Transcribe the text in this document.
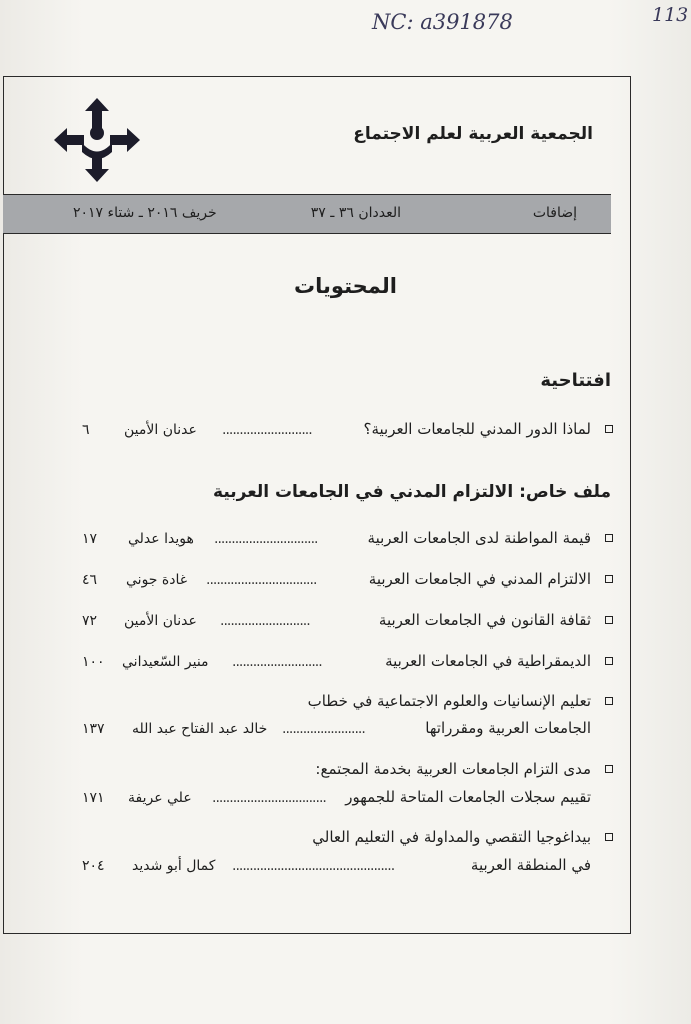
NC: a391878	113
الجمعية العربية لعلم الاجتماع
إضافات
العددان ٣٦ ـ ٣٧
خريف ٢٠١٦ ـ شتاء ٢٠١٧
المحتويات
افتتاحية
لماذا الدور المدني للجامعات العربية؟
..........................
عدنان الأمين
٦
ملف خاص: الالتزام المدني في الجامعات العربية
قيمة المواطنة لدى الجامعات العربية
..............................
هويدا عدلي
١٧
الالتزام المدني في الجامعات العربية
................................
غادة جوني
٤٦
ثقافة القانون في الجامعات العربية
..........................
عدنان الأمين
٧٢
الديمقراطية في الجامعات العربية
..........................
منير السّعيداني
١٠٠
تعليم الإنسانيات والعلوم الاجتماعية في خطاب
الجامعات العربية ومقرراتها
........................
خالد عبد الفتاح عبد الله
١٣٧
مدى التزام الجامعات العربية بخدمة المجتمع:
تقييم سجلات الجامعات المتاحة للجمهور
.................................
علي عريفة
١٧١
بيداغوجيا التقصي والمداولة في التعليم العالي
في المنطقة العربية
...............................................
كمال أبو شديد
٢٠٤
